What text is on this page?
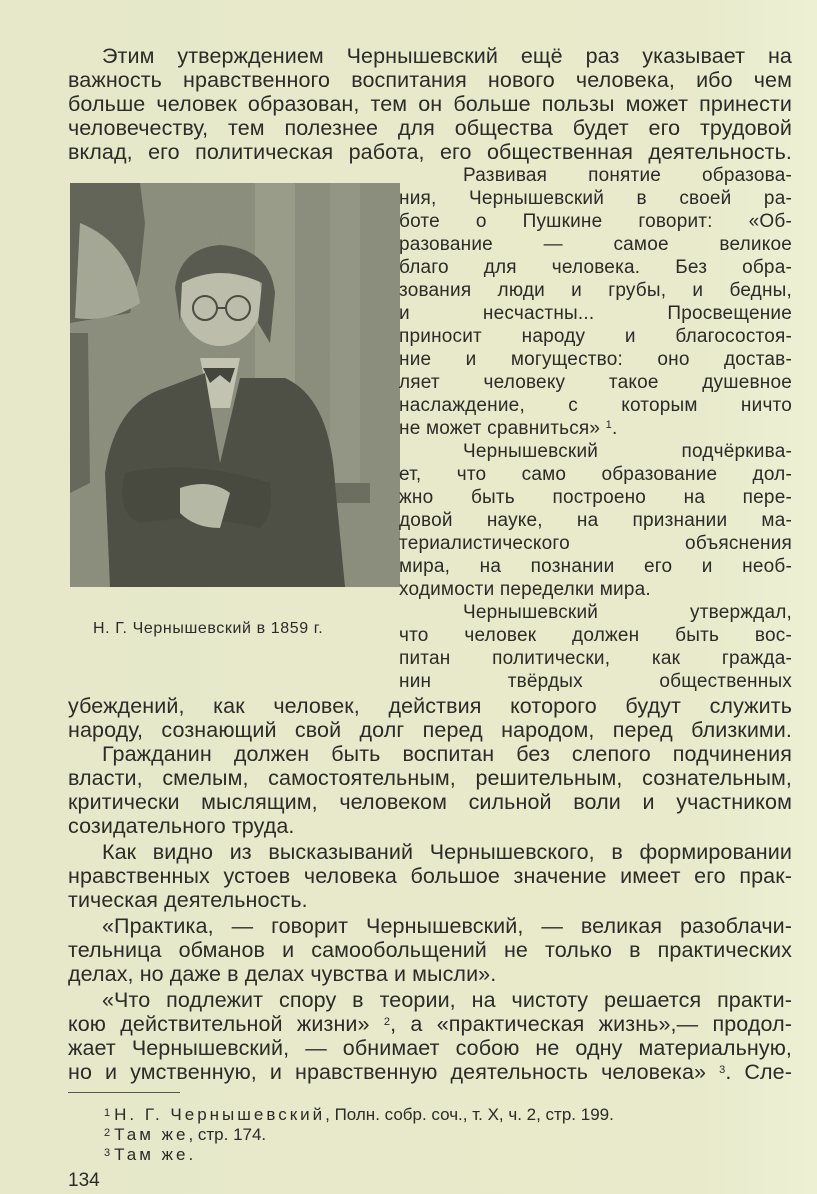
Этим утверждением Чернышевский ещё раз указывает на
важность нравственного воспитания нового человека, ибо чем
больше человек образован, тем он больше пользы может принести
человечеству, тем полезнее для общества будет его трудовой
вклад, его политическая работа, его общественная деятельность.
Развивая понятие образова-
ния, Чернышевский в своей ра-
боте о Пушкине говорит: «Об-
разование — самое великое
благо для человека. Без обра-
зования люди и грубы, и бедны,
и несчастны... Просвещение
приносит народу и благосостоя-
ние и могущество: оно достав-
ляет человеку такое душевное
наслаждение, с которым ничто
не может сравниться» $^1$.
Чернышевский подчёркива-
ет, что само образование дол-
жно быть построено на пере-
довой науке, на признании ма-
териалистического объяснения
мира, на познании его и необ-
ходимости переделки мира.
Чернышевский утверждал,
что человек должен быть вос-
питан политически, как гражда-
нин твёрдых общественных
Н. Г. Чернышевский в 1859 г.
убеждений, как человек, действия которого будут служить
народу, сознающий свой долг перед народом, перед близкими.
Гражданин должен быть воспитан без слепого подчинения
власти, смелым, самостоятельным, решительным, сознательным,
критически мыслящим, человеком сильной воли и участником
созидательного труда.
Как видно из высказываний Чернышевского, в формировании
нравственных устоев человека большое значение имеет его прак-
тическая деятельность.
«Практика, — говорит Чернышевский, — великая разоблачи-
тельница обманов и самообольщений не только в практических
делах, но даже в делах чувства и мысли».
«Что подлежит спору в теории, на чистоту решается практи-
кою действительной жизни» $^2$, а «практическая жизнь»,— продол-
жает Чернышевский, — обнимает собою не одну материальную,
но и умственную, и нравственную деятельность человека» $^3$. Сле-
$^1$ Н. Г. Чернышевский, Полн. собр. соч., т. X, ч. 2, стр. 199.
$^2$ Там же, стр. 174.
$^3$ Там же.
134
